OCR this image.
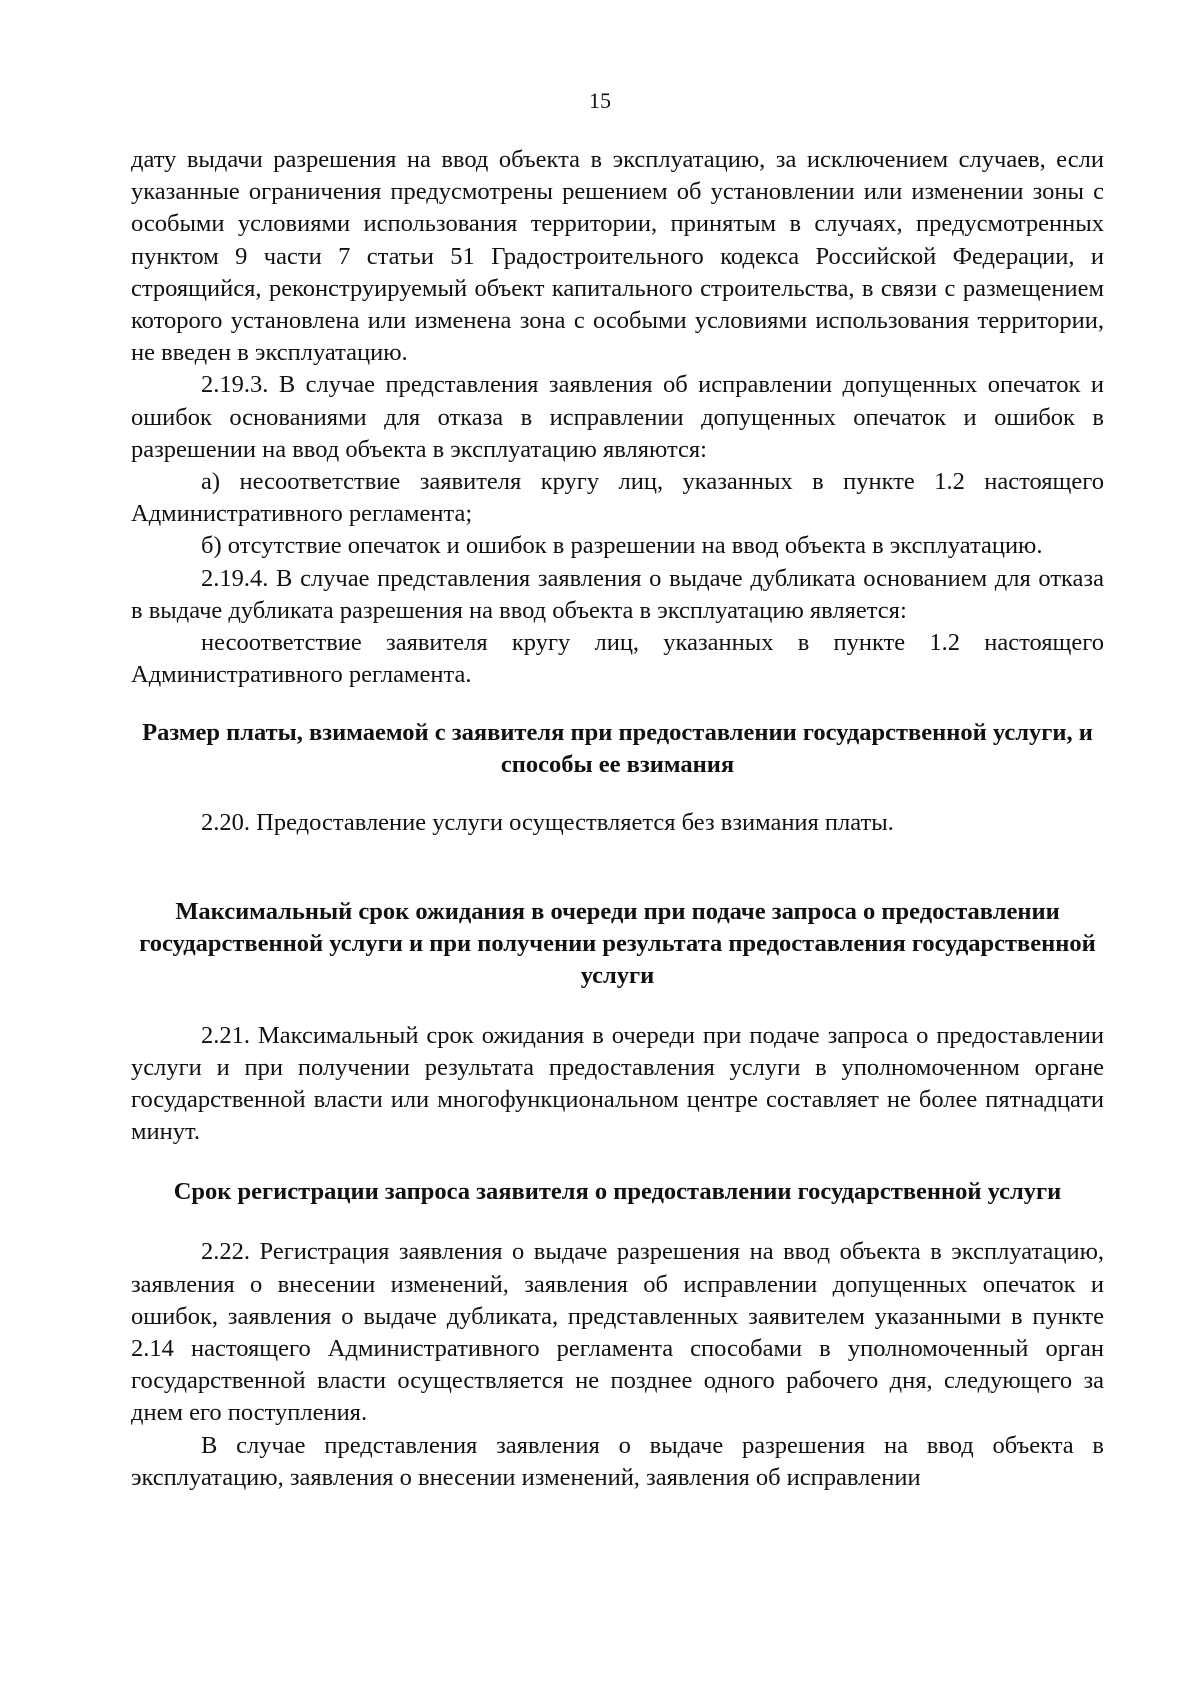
15

дату выдачи разрешения на ввод объекта в эксплуатацию, за исключением случаев, если указанные ограничения предусмотрены решением об установлении или изменении зоны с особыми условиями использования территории, принятым в случаях, предусмотренных пунктом 9 части 7 статьи 51 Градостроительного кодекса Российской Федерации, и строящийся, реконструируемый объект капитального строительства, в связи с размещением которого установлена или изменена зона с особыми условиями использования территории, не введен в эксплуатацию.

2.19.3. В случае представления заявления об исправлении допущенных опечаток и ошибок основаниями для отказа в исправлении допущенных опечаток и ошибок в разрешении на ввод объекта в эксплуатацию являются:

а) несоответствие заявителя кругу лиц, указанных в пункте 1.2 настоящего Административного регламента;

б) отсутствие опечаток и ошибок в разрешении на ввод объекта в эксплуатацию.

2.19.4. В случае представления заявления о выдаче дубликата основанием для отказа в выдаче дубликата разрешения на ввод объекта в эксплуатацию является:

несоответствие заявителя кругу лиц, указанных в пункте 1.2 настоящего Административного регламента.

Размер платы, взимаемой с заявителя при предоставлении государственной услуги, и способы ее взимания

2.20. Предоставление услуги осуществляется без взимания платы.

Максимальный срок ожидания в очереди при подаче запроса о предоставлении государственной услуги и при получении результата предоставления государственной услуги

2.21. Максимальный срок ожидания в очереди при подаче запроса о предоставлении услуги и при получении результата предоставления услуги в уполномоченном органе государственной власти или многофункциональном центре составляет не более пятнадцати минут.

Срок регистрации запроса заявителя о предоставлении государственной услуги

2.22. Регистрация заявления о выдаче разрешения на ввод объекта в эксплуатацию, заявления о внесении изменений, заявления об исправлении допущенных опечаток и ошибок, заявления о выдаче дубликата, представленных заявителем указанными в пункте 2.14 настоящего Административного регламента способами в уполномоченный орган государственной власти осуществляется не позднее одного рабочего дня, следующего за днем его поступления.

В случае представления заявления о выдаче разрешения на ввод объекта в эксплуатацию, заявления о внесении изменений, заявления об исправлении
